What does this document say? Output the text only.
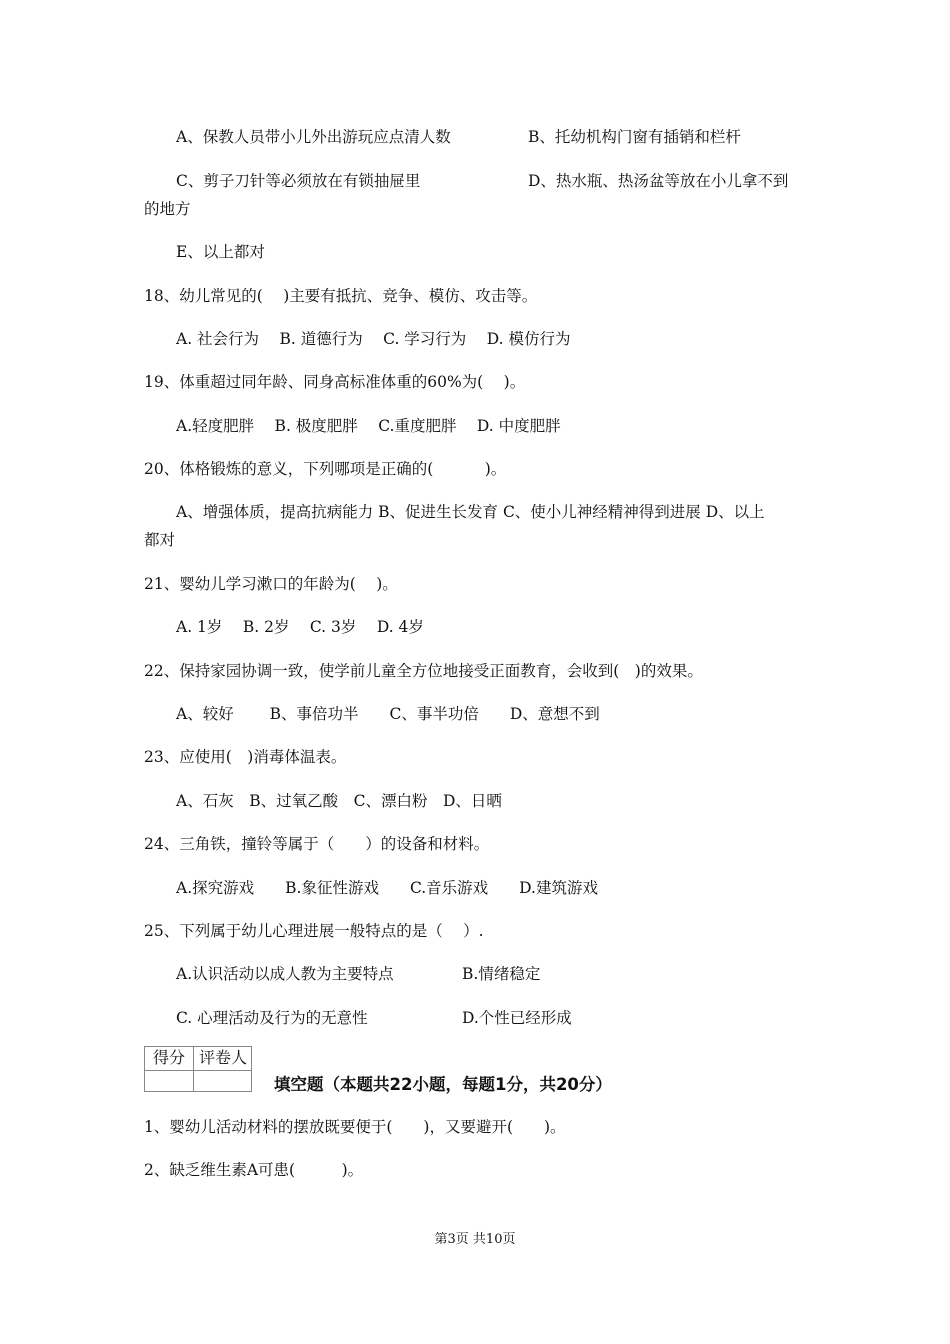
A、保教人员带小儿外出游玩应点清人数	B、托幼机构门窗有插销和栏杆
C、剪子刀针等必须放在有锁抽屉里	D、热水瓶、热汤盆等放在小儿拿不到
的地方
E、以上都对
18、幼儿常见的(　 )主要有抵抗、竞争、模仿、攻击等。
A. 社会行为　 B. 道德行为　 C. 学习行为　 D. 模仿行为
19、体重超过同年龄、同身高标准体重的60%为(　 )。
A.轻度肥胖　 B. 极度肥胖　 C.重度肥胖　 D. 中度肥胖
20、体格锻炼的意义，下列哪项是正确的(　　　 )。
A、增强体质，提高抗病能力 B、促进生长发育 C、使小儿神经精神得到进展 D、以上
都对
21、婴幼儿学习漱口的年龄为(　 )。
A. 1岁　 B. 2岁　 C. 3岁　 D. 4岁
22、保持家园协调一致，使学前儿童全方位地接受正面教育，会收到(　)的效果。
A、较好　　 B、事倍功半　　C、事半功倍　　D、意想不到
23、应使用(　)消毒体温表。
A、石灰　B、过氧乙酸　C、漂白粉　D、日晒
24、三角铁，撞铃等属于（　　）的设备和材料。
A.探究游戏　　B.象征性游戏　　C.音乐游戏　　D.建筑游戏
25、下列属于幼儿心理进展一般特点的是（　 ）.
A.认识活动以成人教为主要特点	B.情绪稳定
C. 心理活动及行为的无意性	D.个性已经形成
得分 评卷人
填空题（本题共22小题，每题1分，共20分）
1、婴幼儿活动材料的摆放既要便于(　　)，又要避开(　　)。
2、缺乏维生素A可患(　　　)。
第3页 共10页
